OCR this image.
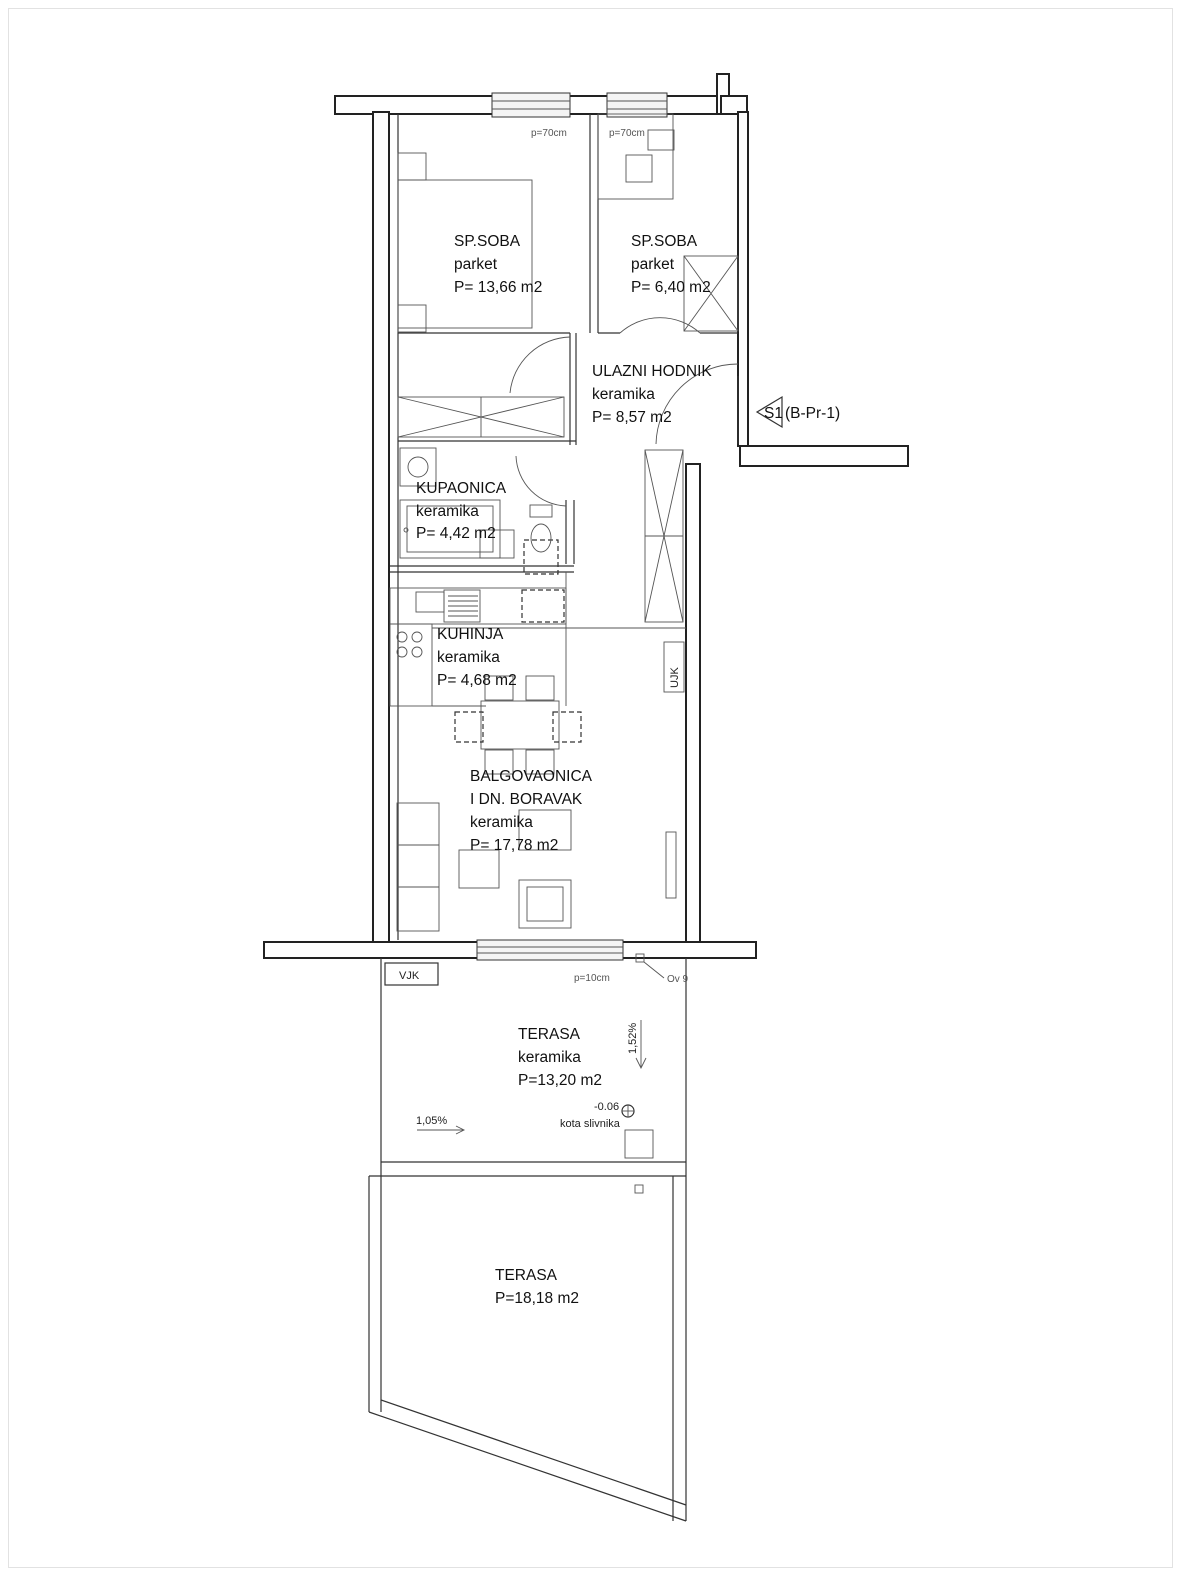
p=70cm	p=70cm
SP.SOBA
parket
P= 13,66 m2
SP.SOBA
parket
P= 6,40 m2
ULAZNI HODNIK
keramika
P= 8,57 m2
KUPAONICA
keramika
P= 4,42 m2
KUHINJA
keramika
P= 4,68 m2
BALGOVAONICA
I DN. BORAVAK
keramika
P= 17,78 m2
S1 (B-Pr-1)
UJK
VJK	p=10cm	Ov 9
TERASA
keramika
P=13,20 m2
1,52%
1,05%
-0.06
kota slivnika
TERASA
P=18,18 m2
